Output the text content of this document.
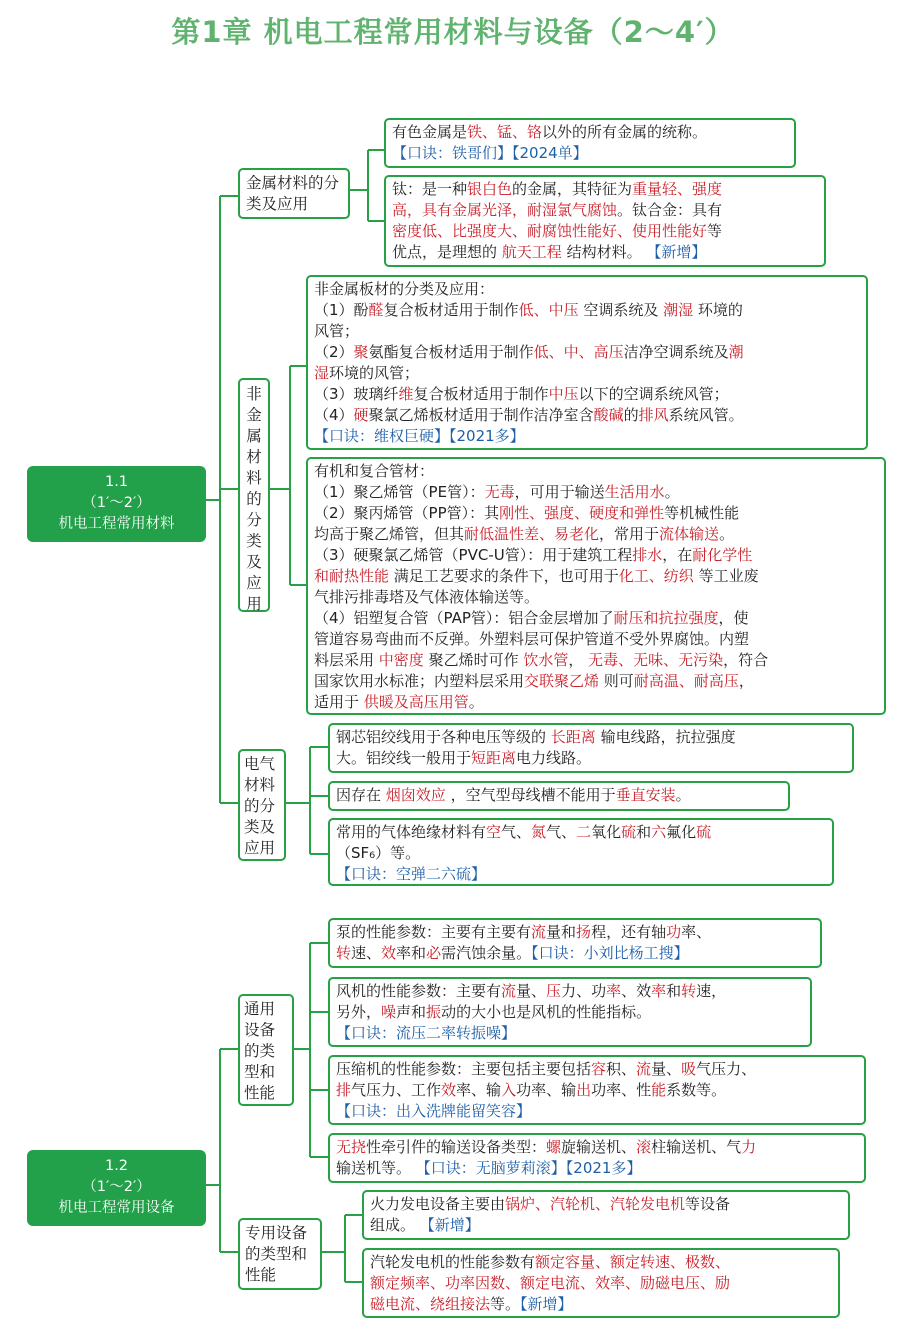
第1章 机电工程常用材料与设备（2～4′）
1.1
（1′～2′）
机电工程常用材料
1.2
（1′～2′）
机电工程常用设备
金属材料的分类及应用
非
金
属
材
料
的
分
类
及
应
用
电气材料的分类及应用
通用设备的类型和性能
专用设备的类型和性能
有色金属是铁、锰、铬以外的所有金属的统称。
【口诀：铁哥们】【2024单】
钛：是一种银白色的金属，其特征为重量轻、强度
高，具有金属光泽，耐湿氯气腐蚀。钛合金：具有
密度低、比强度大、耐腐蚀性能好、使用性能好等
优点，是理想的 航天工程 结构材料。 【新增】
非金属板材的分类及应用：
（1）酚醛复合板材适用于制作低、中压 空调系统及 潮湿 环境的
风管；
（2）聚氨酯复合板材适用于制作低、中、高压洁净空调系统及潮
湿环境的风管；
（3）玻璃纤维复合板材适用于制作中压以下的空调系统风管；
（4）硬聚氯乙烯板材适用于制作洁净室含酸碱的排风系统风管。
【口诀：维权巨硬】【2021多】
有机和复合管材：
（1）聚乙烯管（PE管）：无毒，可用于输送生活用水。
（2）聚丙烯管（PP管）：其刚性、强度、硬度和弹性等机械性能
均高于聚乙烯管，但其耐低温性差、易老化，常用于流体输送。
（3）硬聚氯乙烯管（PVC-U管）：用于建筑工程排水，在耐化学性
和耐热性能 满足工艺要求的条件下，也可用于化工、纺织 等工业废
气排污排毒塔及气体液体输送等。
（4）铝塑复合管（PAP管）：铝合金层增加了耐压和抗拉强度，使
管道容易弯曲而不反弹。外塑料层可保护管道不受外界腐蚀。内塑
料层采用 中密度 聚乙烯时可作 饮水管， 无毒、无味、无污染，符合
国家饮用水标准；内塑料层采用交联聚乙烯 则可耐高温、耐高压，
适用于 供暖及高压用管。
钢芯铝绞线用于各种电压等级的 长距离 输电线路，抗拉强度
大。铝绞线一般用于短距离电力线路。
因存在 烟囱效应 ，空气型母线槽不能用于垂直安装。
常用的气体绝缘材料有空气、氮气、二氧化硫和六氟化硫
（SF₆）等。
【口诀：空弹二六硫】
泵的性能参数：主要有主要有流量和扬程，还有轴功率、
转速、效率和必需汽蚀余量。【口诀：小刘比杨工搜】
风机的性能参数：主要有流量、压力、功率、效率和转速，
另外，噪声和振动的大小也是风机的性能指标。
【口诀：流压二率转振噪】
压缩机的性能参数：主要包括主要包括容积、流量、吸气压力、
排气压力、工作效率、输入功率、输出功率、性能系数等。
【口诀：出入洗牌能留笑容】
无挠性牵引件的输送设备类型：螺旋输送机、滚柱输送机、气力
输送机等。 【口诀：无脑萝莉滚】【2021多】
火力发电设备主要由锅炉、汽轮机、汽轮发电机等设备
组成。 【新增】
汽轮发电机的性能参数有额定容量、额定转速、极数、
额定频率、功率因数、额定电流、效率、励磁电压、励
磁电流、绕组接法等。【新增】
